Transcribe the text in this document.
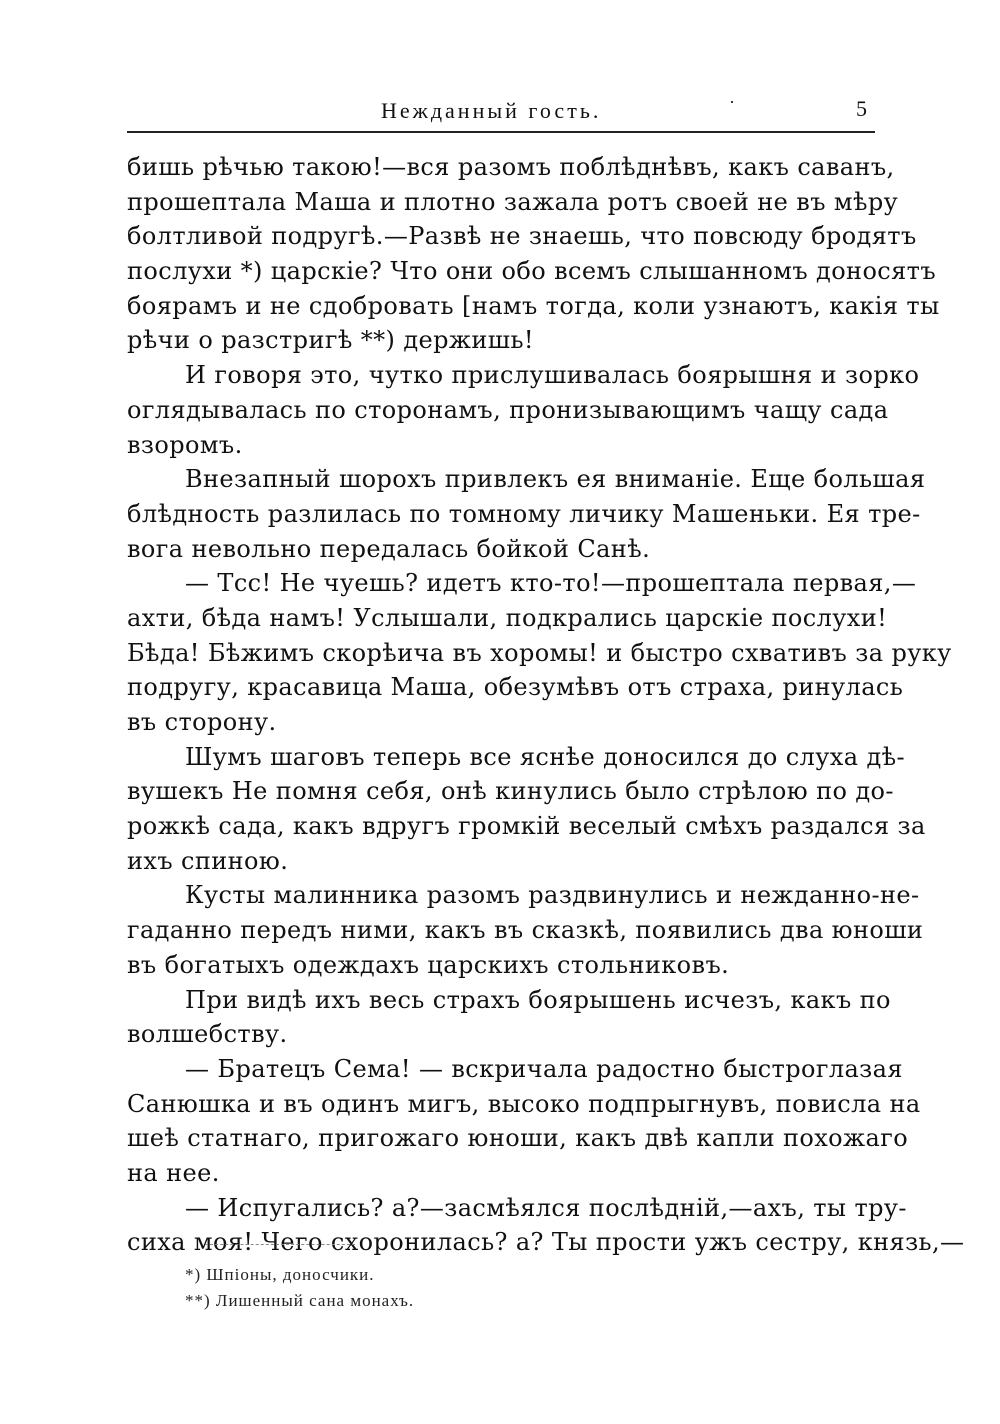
Нежданный гость.	·	5
бишь рѣчью такою!—вся разомъ поблѣднѣвъ, какъ саванъ,
прошептала Маша и плотно зажала ротъ своей не въ мѣру
болтливой подругѣ.—Развѣ не знаешь, что повсюду бродятъ
послухи *) царскіе? Что они обо всемъ слышанномъ доносятъ
боярамъ и не сдобровать [намъ тогда, коли узнаютъ, какія ты
рѣчи о разстригѣ **) держишь!
И говоря это, чутко прислушивалась боярышня и зорко
оглядывалась по сторонамъ, пронизывающимъ чащу сада
взоромъ.
Внезапный шорохъ привлекъ ея вниманіе. Еще большая
блѣдность разлилась по томному личику Машеньки. Ея тре-
вога невольно передалась бойкой Санѣ.
— Тсс! Не чуешь? идетъ кто-то!—прошептала первая,—
ахти, бѣда намъ! Услышали, подкрались царскіе послухи!
Бѣда! Бѣжимъ скорѣича въ хоромы! и быстро схвативъ за руку
подругу, красавица Маша, обезумѣвъ отъ страха, ринулась
въ сторону.
Шумъ шаговъ теперь все яснѣе доносился до слуха дѣ-
вушекъ Не помня себя, онѣ кинулись было стрѣлою по до-
рожкѣ сада, какъ вдругъ громкій веселый смѣхъ раздался за
ихъ спиною.
Кусты малинника разомъ раздвинулись и нежданно-не-
гаданно передъ ними, какъ въ сказкѣ, появились два юноши
въ богатыхъ одеждахъ царскихъ стольниковъ.
При видѣ ихъ весь страхъ боярышень исчезъ, какъ по
волшебству.
— Братецъ Сема! — вскричала радостно быстроглазая
Санюшка и въ одинъ мигъ, высоко подпрыгнувъ, повисла на
шеѣ статнаго, пригожаго юноши, какъ двѣ капли похожаго
на нее.
— Испугались? а?—засмѣялся послѣдній,—ахъ, ты тру-
сиха моя! Чего схоронилась? а? Ты прости ужъ сестру, князь,—
*) Шпіоны, доносчики.
**) Лишенный сана монахъ.
